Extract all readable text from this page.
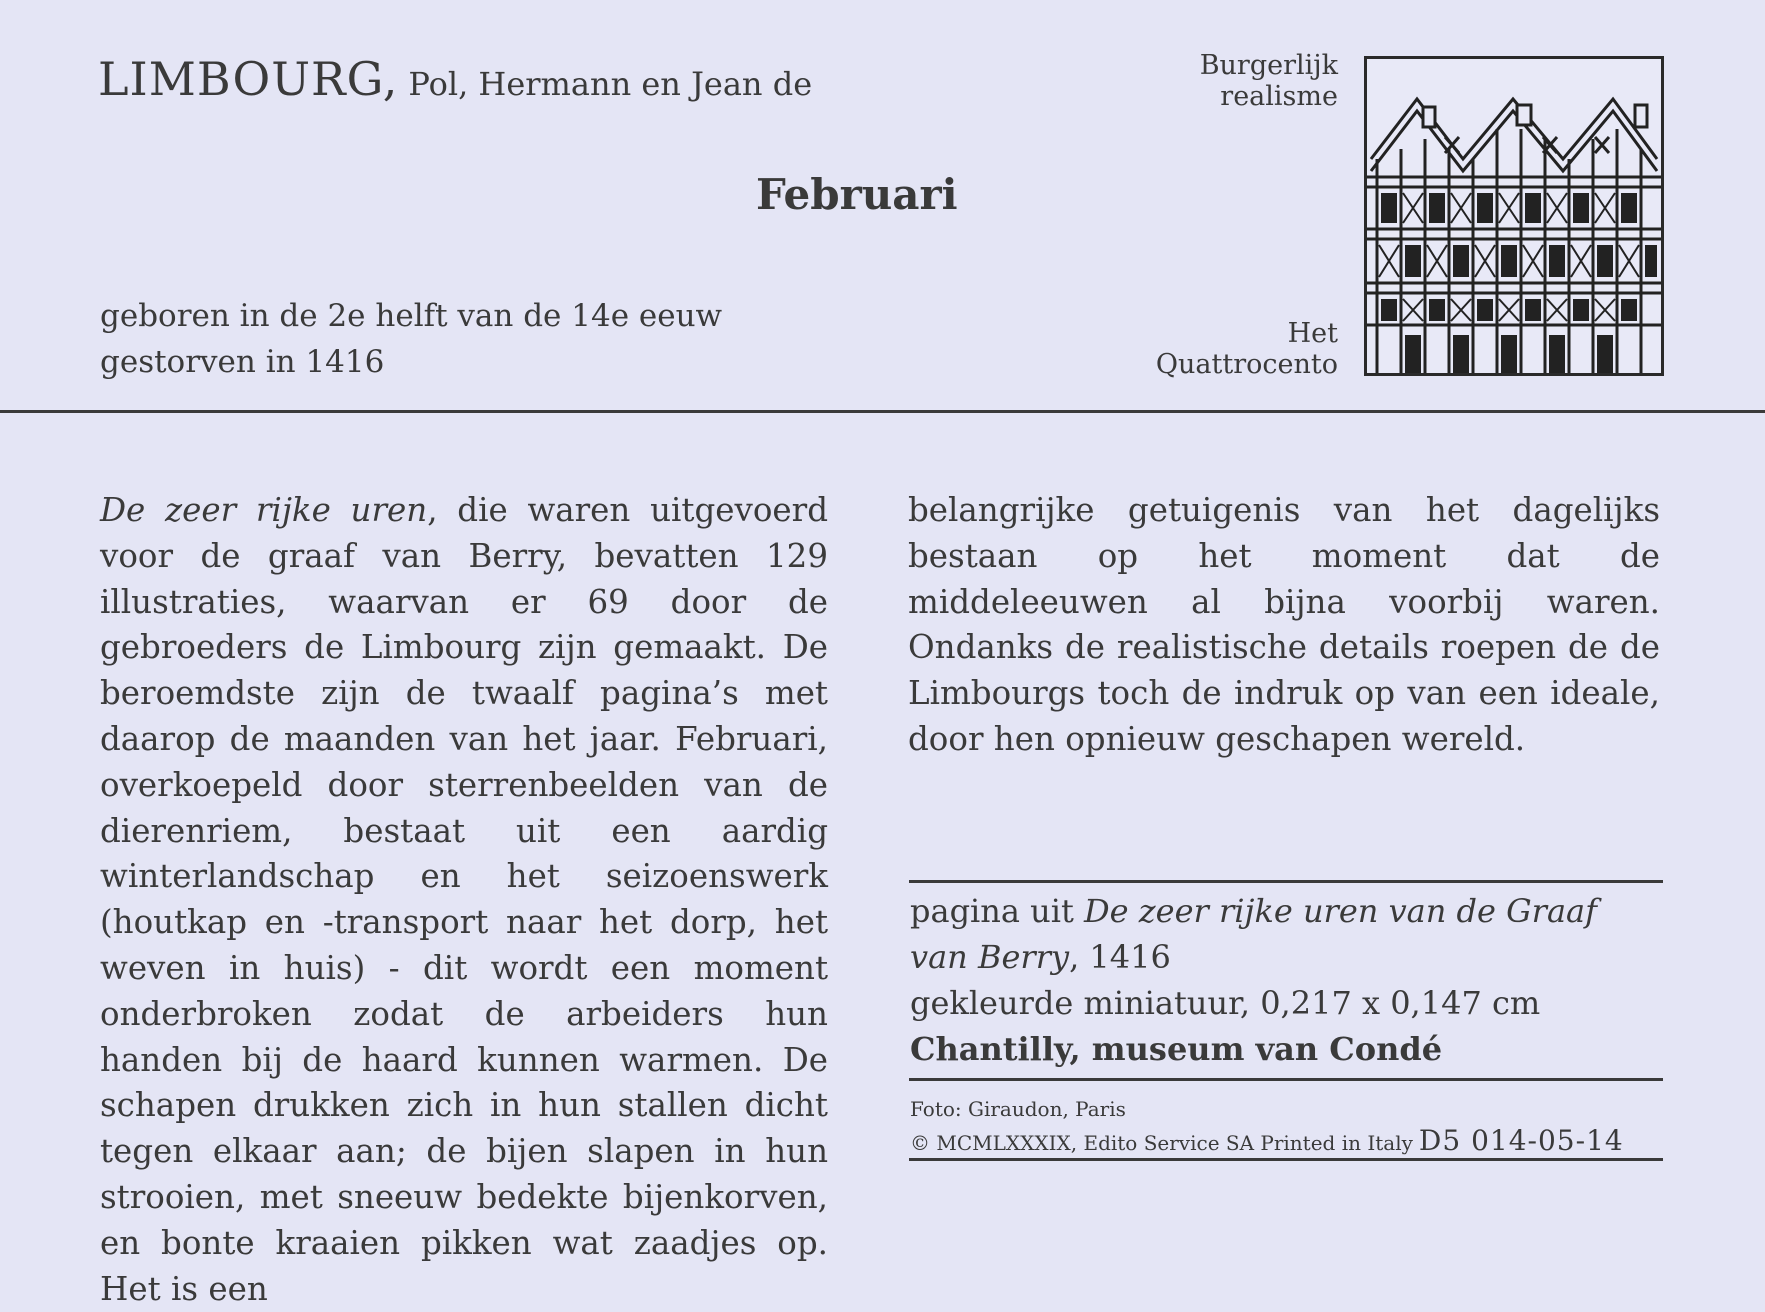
LIMBOURG, Pol, Hermann en Jean de
Februari
geboren in de 2e helft van de 14e eeuw
gestorven in 1416
Burgerlijk
realisme
Het
Quattrocento

De zeer rijke uren, die waren uitgevoerd voor de graaf van Berry, bevatten 129 illustraties, waarvan er 69 door de gebroeders de Limbourg zijn gemaakt. De beroemdste zijn de twaalf pagina’s met daarop de maanden van het jaar. Februari, overkoepeld door sterrenbeelden van de dierenriem, bestaat uit een aardig winterlandschap en het seizoenswerk (houtkap en -transport naar het dorp, het weven in huis) - dit wordt een moment onderbroken zodat de arbeiders hun handen bij de haard kunnen warmen. De schapen drukken zich in hun stallen dicht tegen elkaar aan; de bijen slapen in hun strooien, met sneeuw bedekte bijenkorven, en bonte kraaien pikken wat zaadjes op. Het is een

belangrijke getuigenis van het dagelijks bestaan op het moment dat de middeleeuwen al bijna voorbij waren. Ondanks de realistische details roepen de de Limbourgs toch de indruk op van een ideale, door hen opnieuw geschapen wereld.

pagina uit De zeer rijke uren van de Graaf
van Berry, 1416
gekleurde miniatuur, 0,217 x 0,147 cm
Chantilly, museum van Condé
Foto: Giraudon, Paris
© MCMLXXXIX, Edito Service SA Printed in Italy D5 014-05-14
